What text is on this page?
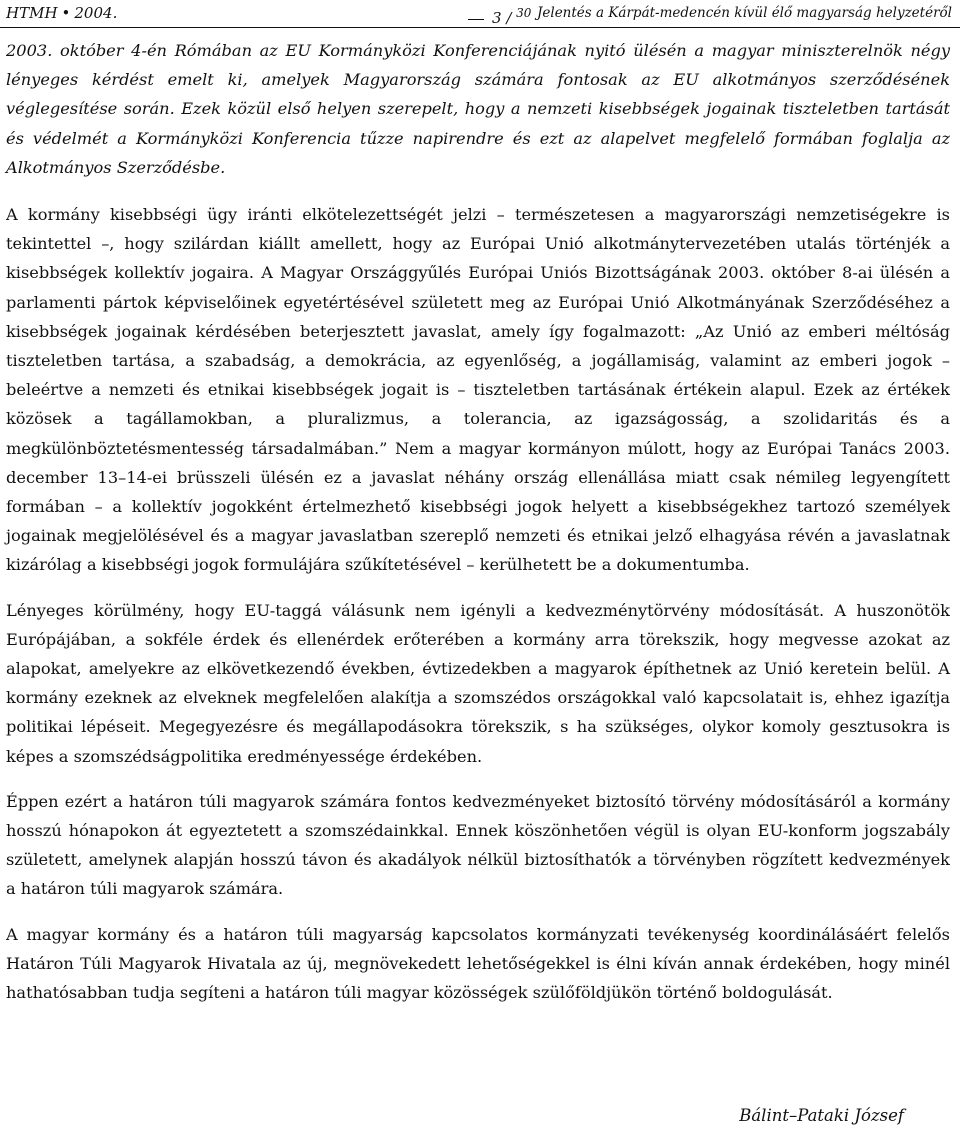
HTMH • 2004.	3 / $^{30}$ Jelentés a Kárpát-medencén kívül élő magyarság helyzetéről

2003. október 4-én Rómában az EU Kormányközi Konferenciájának nyitó ülésén a magyar miniszterelnök négy lényeges kérdést emelt ki, amelyek Magyarország számára fontosak az EU alkotmányos szerződésének véglegesítése során. Ezek közül első helyen szerepelt, hogy a nemzeti kisebbségek jogainak tiszteletben tartását és védelmét a Kormányközi Konferencia tűzze napirendre és ezt az alapelvet megfelelő formában foglalja az Alkotmányos Szerződésbe.

A kormány kisebbségi ügy iránti elkötelezettségét jelzi – természetesen a magyarországi nemzetiségekre is tekintettel –, hogy szilárdan kiállt amellett, hogy az Európai Unió alkotmánytervezetében utalás történjék a kisebbségek kollektív jogaira. A Magyar Országgyűlés Európai Uniós Bizottságának 2003. október 8-ai ülésén a parlamenti pártok képviselőinek egyetértésével született meg az Európai Unió Alkotmányának Szerződéséhez a kisebbségek jogainak kérdésében beterjesztett javaslat, amely így fogalmazott: „Az Unió az emberi méltóság tiszteletben tartása, a szabadság, a demokrácia, az egyenlőség, a jogállamiság, valamint az emberi jogok – beleértve a nemzeti és etnikai kisebbségek jogait is – tiszteletben tartásának értékein alapul. Ezek az értékek közösek a tagállamokban, a pluralizmus, a tolerancia, az igazságosság, a szolidaritás és a megkülönböztetésmentesség társadalmában.” Nem a magyar kormányon múlott, hogy az Európai Tanács 2003. december 13–14-ei brüsszeli ülésén ez a javaslat néhány ország ellenállása miatt csak némileg legyengített formában – a kollektív jogokként értelmezhető kisebbségi jogok helyett a kisebbségekhez tartozó személyek jogainak megjelölésével és a magyar javaslatban szereplő nemzeti és etnikai jelző elhagyása révén a javaslatnak kizárólag a kisebbségi jogok formulájára szűkítetésével – kerülhetett be a dokumentumba.

Lényeges körülmény, hogy EU-taggá válásunk nem igényli a kedvezménytörvény módosítását. A huszonötök Európájában, a sokféle érdek és ellenérdek erőterében a kormány arra törekszik, hogy megvesse azokat az alapokat, amelyekre az elkövetkezendő években, évtizedekben a magyarok építhetnek az Unió keretein belül. A kormány ezeknek az elveknek megfelelően alakítja a szomszédos országokkal való kapcsolatait is, ehhez igazítja politikai lépéseit. Megegyezésre és megállapodásokra törekszik, s ha szükséges, olykor komoly gesztusokra is képes a szomszédságpolitika eredményessége érdekében.

Éppen ezért a határon túli magyarok számára fontos kedvezményeket biztosító törvény módosításáról a kormány hosszú hónapokon át egyeztetett a szomszédainkkal. Ennek köszönhetően végül is olyan EU-konform jogszabály született, amelynek alapján hosszú távon és akadályok nélkül biztosíthatók a törvényben rögzített kedvezmények a határon túli magyarok számára.

A magyar kormány és a határon túli magyarság kapcsolatos kormányzati tevékenység koordinálásáért felelős Határon Túli Magyarok Hivatala az új, megnövekedett lehetőségekkel is élni kíván annak érdekében, hogy minél hathatósabban tudja segíteni a határon túli magyar közösségek szülőföldjükön történő boldogulását.

Bálint–Pataki József
